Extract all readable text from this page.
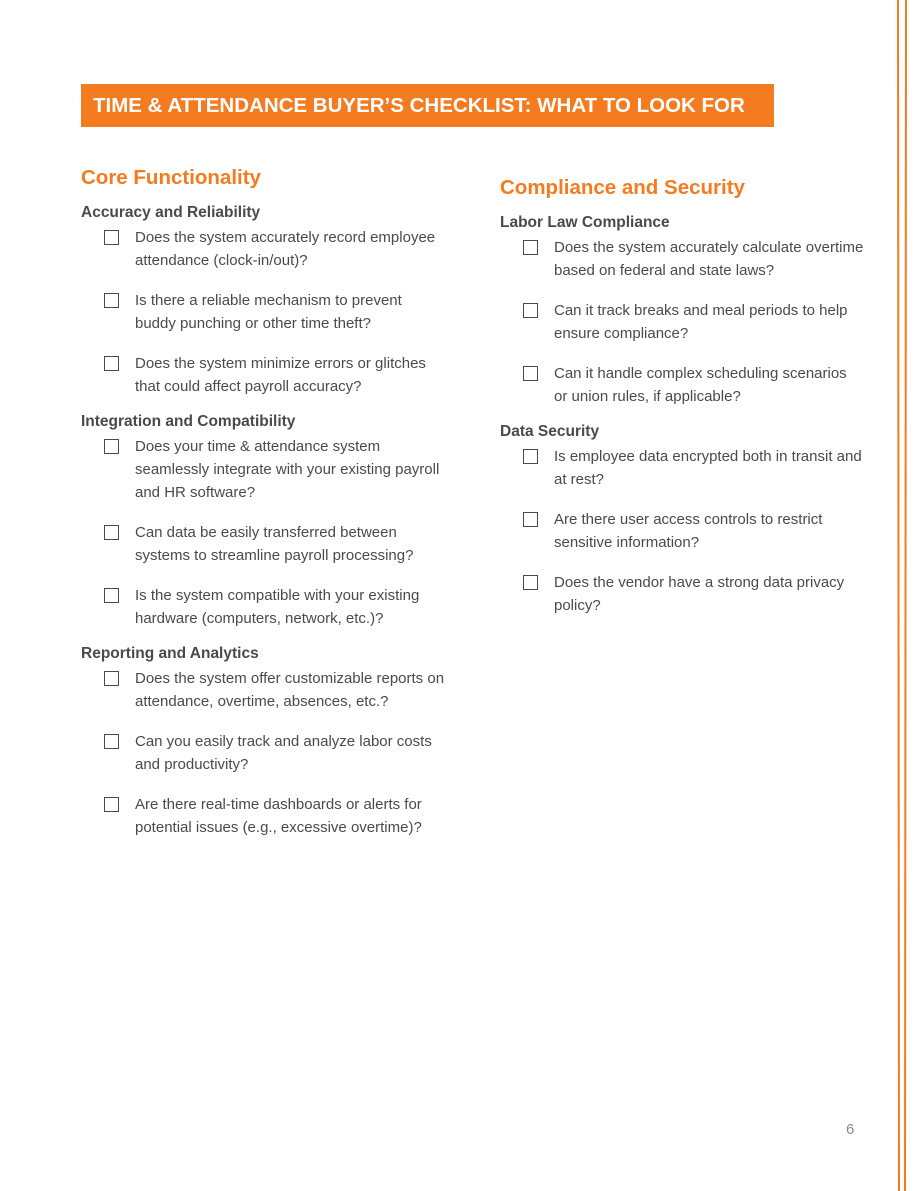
TIME & ATTENDANCE BUYER’S CHECKLIST: WHAT TO LOOK FOR
Core Functionality
Accuracy and Reliability
Does the system accurately record employee attendance (clock-in/out)?
Is there a reliable mechanism to prevent buddy punching or other time theft?
Does the system minimize errors or glitches that could affect payroll accuracy?
Integration and Compatibility
Does your time & attendance system seamlessly integrate with your existing payroll and HR software?
Can data be easily transferred between systems to streamline payroll processing?
Is the system compatible with your existing hardware (computers, network, etc.)?
Reporting and Analytics
Does the system offer customizable reports on attendance, overtime, absences, etc.?
Can you easily track and analyze labor costs and productivity?
Are there real-time dashboards or alerts for potential issues (e.g., excessive overtime)?
Compliance and Security
Labor Law Compliance
Does the system accurately calculate overtime based on federal and state laws?
Can it track breaks and meal periods to help ensure compliance?
Can it handle complex scheduling scenarios or union rules, if applicable?
Data Security
Is employee data encrypted both in transit and at rest?
Are there user access controls to restrict sensitive information?
Does the vendor have a strong data privacy policy?
6
